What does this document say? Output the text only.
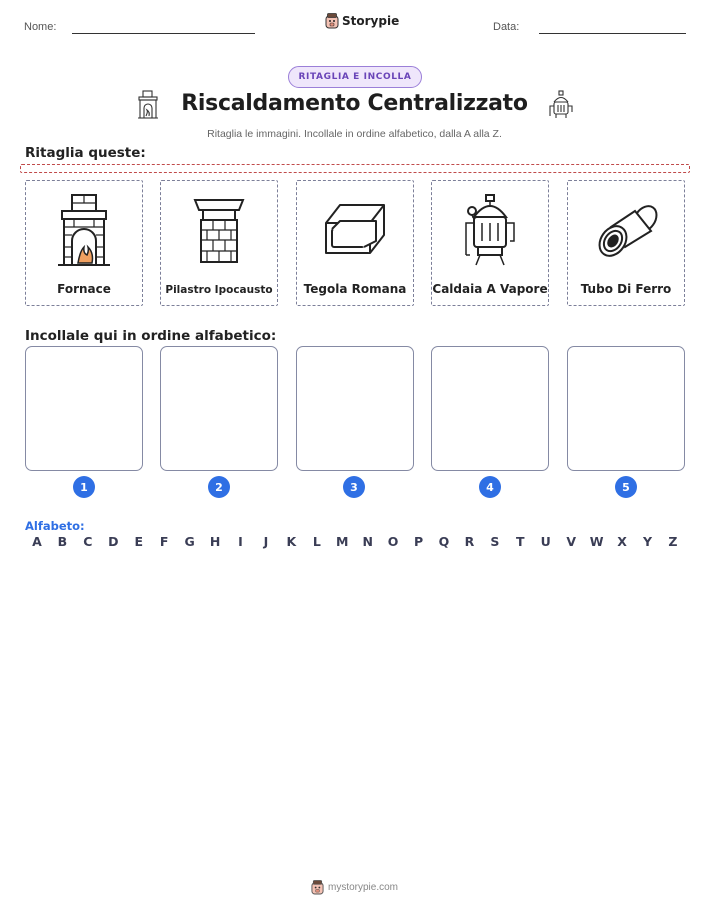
Nome:	Storypie	Data:
RITAGLIA E INCOLLA
Riscaldamento Centralizzato
Ritaglia le immagini. Incollale in ordine alfabetico, dalla A alla Z.
Ritaglia queste:
Fornace	Pilastro Ipocausto	Tegola Romana	Caldaia A Vapore	Tubo Di Ferro
Incollale qui in ordine alfabetico:
1	2	3	4	5
Alfabeto:
A	B	C	D	E	F	G	H	I	J	K	L	M	N	O	P	Q	R	S	T	U	V	W	X	Y	Z
mystorypie.com
